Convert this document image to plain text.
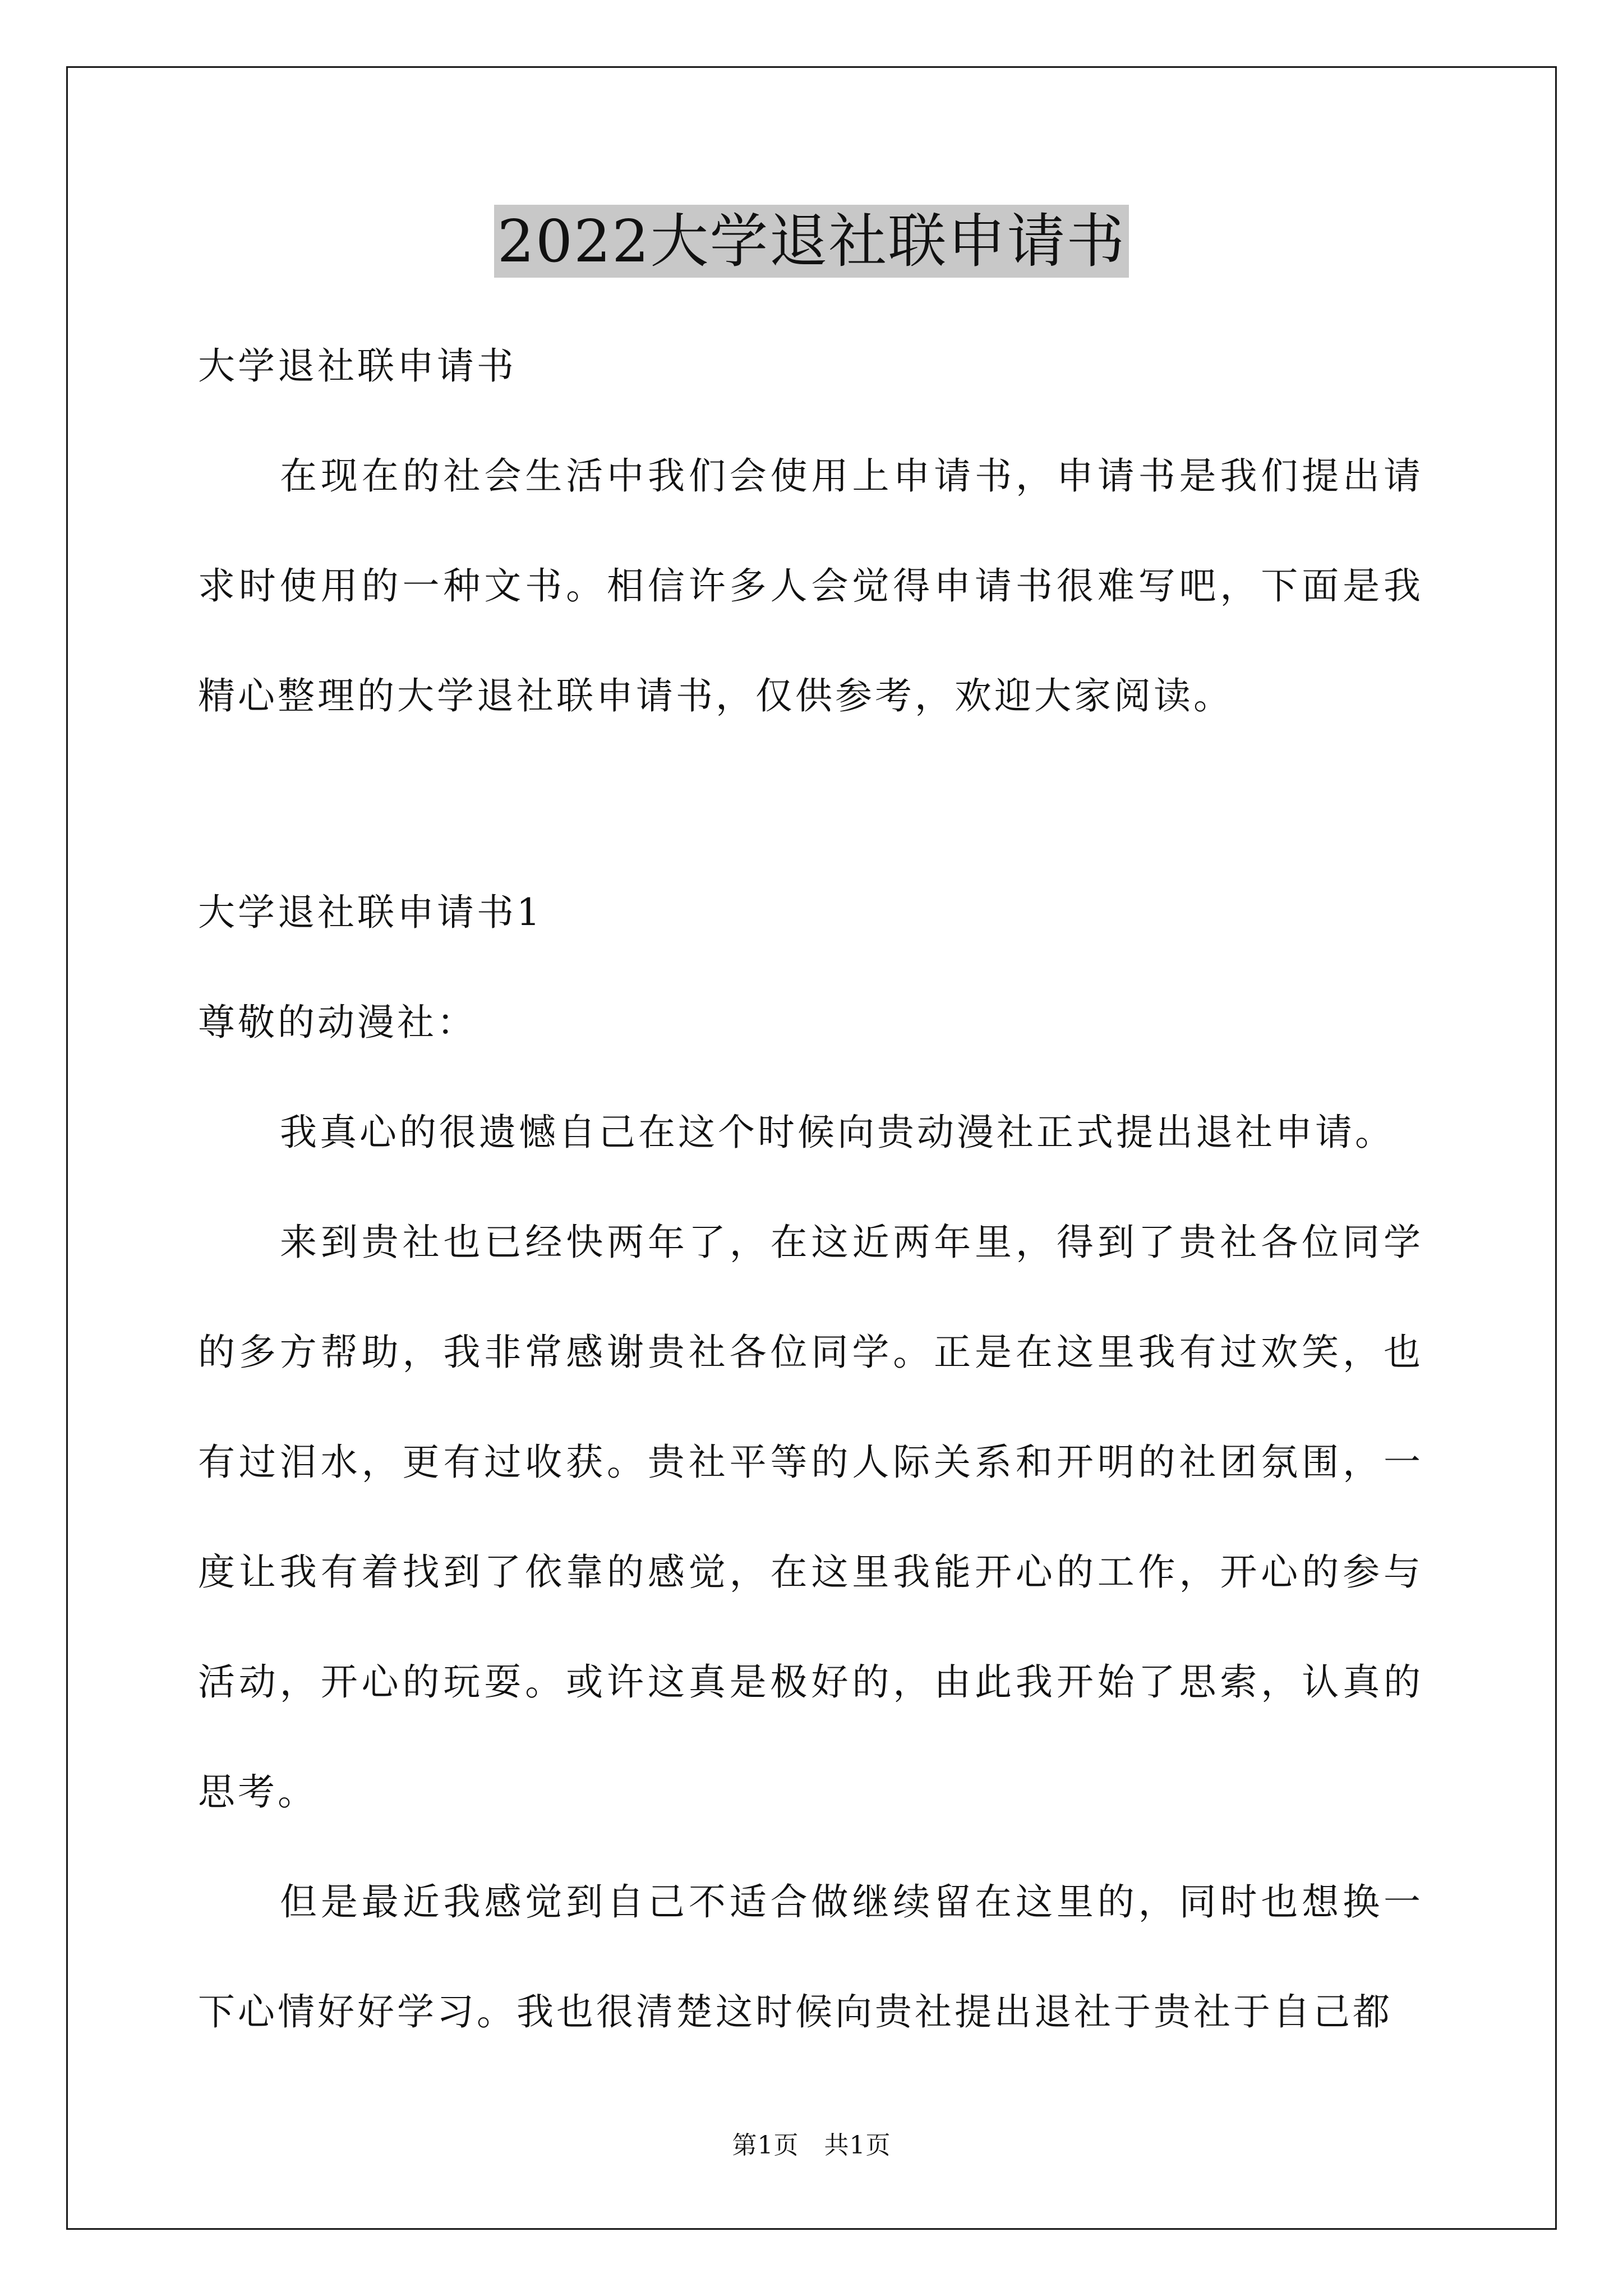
2022大学退社联申请书

大学退社联申请书

在现在的社会生活中我们会使用上申请书，申请书是我们提出请求时使用的一种文书。相信许多人会觉得申请书很难写吧，下面是我精心整理的大学退社联申请书，仅供参考，欢迎大家阅读。

大学退社联申请书1

尊敬的动漫社：

我真心的很遗憾自己在这个时候向贵动漫社正式提出退社申请。

来到贵社也已经快两年了，在这近两年里，得到了贵社各位同学的多方帮助，我非常感谢贵社各位同学。正是在这里我有过欢笑，也有过泪水，更有过收获。贵社平等的人际关系和开明的社团氛围，一度让我有着找到了依靠的感觉，在这里我能开心的工作，开心的参与活动，开心的玩耍。或许这真是极好的，由此我开始了思索，认真的思考。

但是最近我感觉到自己不适合做继续留在这里的，同时也想换一下心情好好学习。我也很清楚这时候向贵社提出退社于贵社于自己都

第1页　共1页
